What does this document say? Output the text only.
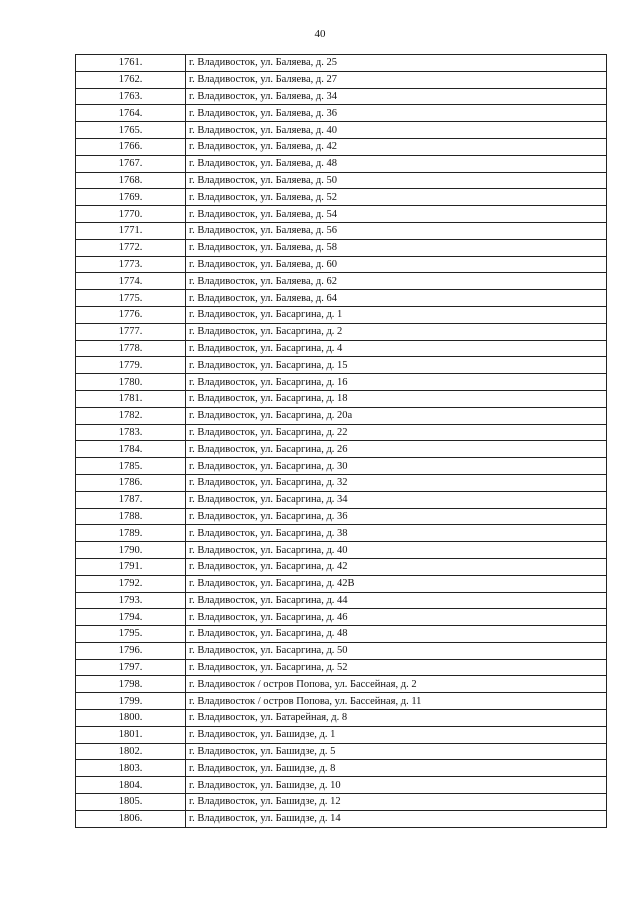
40
1761.	г. Владивосток, ул. Баляева, д. 25
1762.	г. Владивосток, ул. Баляева, д. 27
1763.	г. Владивосток, ул. Баляева, д. 34
1764.	г. Владивосток, ул. Баляева, д. 36
1765.	г. Владивосток, ул. Баляева, д. 40
1766.	г. Владивосток, ул. Баляева, д. 42
1767.	г. Владивосток, ул. Баляева, д. 48
1768.	г. Владивосток, ул. Баляева, д. 50
1769.	г. Владивосток, ул. Баляева, д. 52
1770.	г. Владивосток, ул. Баляева, д. 54
1771.	г. Владивосток, ул. Баляева, д. 56
1772.	г. Владивосток, ул. Баляева, д. 58
1773.	г. Владивосток, ул. Баляева, д. 60
1774.	г. Владивосток, ул. Баляева, д. 62
1775.	г. Владивосток, ул. Баляева, д. 64
1776.	г. Владивосток, ул. Басаргина, д. 1
1777.	г. Владивосток, ул. Басаргина, д. 2
1778.	г. Владивосток, ул. Басаргина, д. 4
1779.	г. Владивосток, ул. Басаргина, д. 15
1780.	г. Владивосток, ул. Басаргина, д. 16
1781.	г. Владивосток, ул. Басаргина, д. 18
1782.	г. Владивосток, ул. Басаргина, д. 20а
1783.	г. Владивосток, ул. Басаргина, д. 22
1784.	г. Владивосток, ул. Басаргина, д. 26
1785.	г. Владивосток, ул. Басаргина, д. 30
1786.	г. Владивосток, ул. Басаргина, д. 32
1787.	г. Владивосток, ул. Басаргина, д. 34
1788.	г. Владивосток, ул. Басаргина, д. 36
1789.	г. Владивосток, ул. Басаргина, д. 38
1790.	г. Владивосток, ул. Басаргина, д. 40
1791.	г. Владивосток, ул. Басаргина, д. 42
1792.	г. Владивосток, ул. Басаргина, д. 42В
1793.	г. Владивосток, ул. Басаргина, д. 44
1794.	г. Владивосток, ул. Басаргина, д. 46
1795.	г. Владивосток, ул. Басаргина, д. 48
1796.	г. Владивосток, ул. Басаргина, д. 50
1797.	г. Владивосток, ул. Басаргина, д. 52
1798.	г. Владивосток / остров Попова, ул. Бассейная, д. 2
1799.	г. Владивосток / остров Попова, ул. Бассейная, д. 11
1800.	г. Владивосток, ул. Батарейная, д. 8
1801.	г. Владивосток, ул. Башидзе, д. 1
1802.	г. Владивосток, ул. Башидзе, д. 5
1803.	г. Владивосток, ул. Башидзе, д. 8
1804.	г. Владивосток, ул. Башидзе, д. 10
1805.	г. Владивосток, ул. Башидзе, д. 12
1806.	г. Владивосток, ул. Башидзе, д. 14
